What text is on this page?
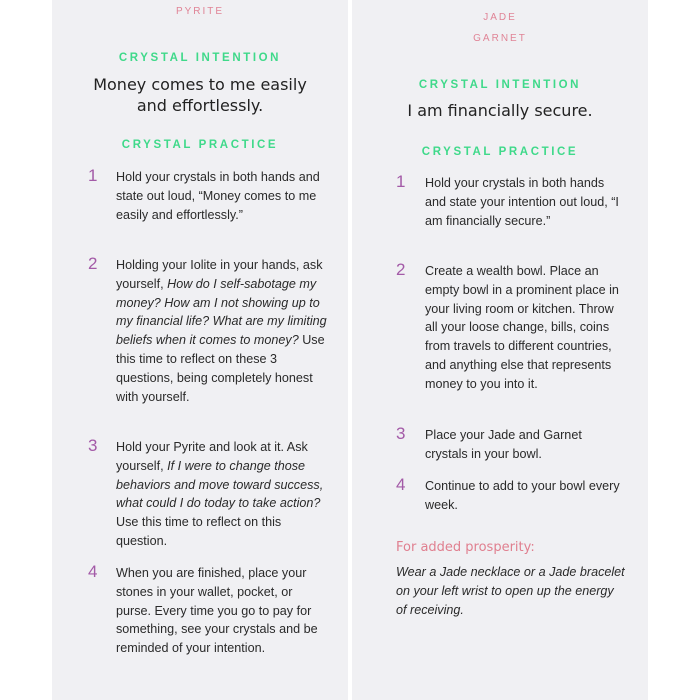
PYRITE
CRYSTAL INTENTION
Money comes to me easily
and effortlessly.
CRYSTAL PRACTICE
1 Hold your crystals in both hands and state out loud, “Money comes to me easily and effortlessly.”
2 Holding your Iolite in your hands, ask yourself, How do I self-sabotage my money? How am I not showing up to my financial life? What are my limiting beliefs when it comes to money? Use this time to reflect on these 3 questions, being completely honest with yourself.
3 Hold your Pyrite and look at it. Ask yourself, If I were to change those behaviors and move toward success, what could I do today to take action? Use this time to reflect on this question.
4 When you are finished, place your stones in your wallet, pocket, or purse. Every time you go to pay for something, see your crystals and be reminded of your intention.
JADE
GARNET
CRYSTAL INTENTION
I am financially secure.
CRYSTAL PRACTICE
1 Hold your crystals in both hands and state your intention out loud, “I am financially secure.”
2 Create a wealth bowl. Place an empty bowl in a prominent place in your living room or kitchen. Throw all your loose change, bills, coins from travels to different countries, and anything else that represents money to you into it.
3 Place your Jade and Garnet crystals in your bowl.
4 Continue to add to your bowl every week.
For added prosperity:
Wear a Jade necklace or a Jade bracelet on your left wrist to open up the energy of receiving.
